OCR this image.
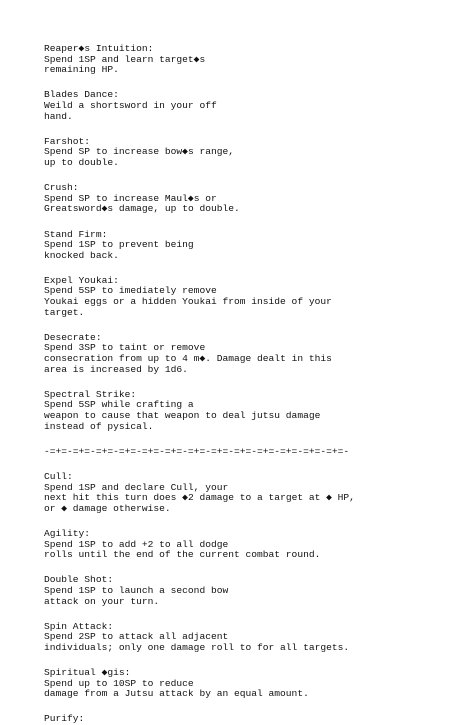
Reaper◆s Intuition:
Spend 1SP and learn target◆s
remaining HP.
Blades Dance:
Weild a shortsword in your off
hand.
Farshot:
Spend SP to increase bow◆s range,
up to double.
Crush:
Spend SP to increase Maul◆s or
Greatsword◆s damage, up to double.
Stand Firm:
Spend 1SP to prevent being
knocked back.
Expel Youkai:
Spend 5SP to imediately remove
Youkai eggs or a hidden Youkai from inside of your
target.
Desecrate:
Spend 3SP to taint or remove
consecration from up to 4 m◆. Damage dealt in this
area is increased by 1d6.
Spectral Strike:
Spend 5SP while crafting a
weapon to cause that weapon to deal jutsu damage
instead of pysical.
-=+=-=+=-=+=-=+=-=+=-=+=-=+=-=+=-=+=-=+=-=+=-=+=-=+=-
Cull:
Spend 1SP and declare Cull, your
next hit this turn does ◆2 damage to a target at ◆ HP,
or ◆ damage otherwise.
Agility:
Spend 1SP to add +2 to all dodge
rolls until the end of the current combat round.
Double Shot:
Spend 1SP to launch a second bow
attack on your turn.
Spin Attack:
Spend 2SP to attack all adjacent
individuals; only one damage roll to for all targets.
Spiritual ◆gis:
Spend up to 10SP to reduce
damage from a Jutsu attack by an equal amount.
Purify:
